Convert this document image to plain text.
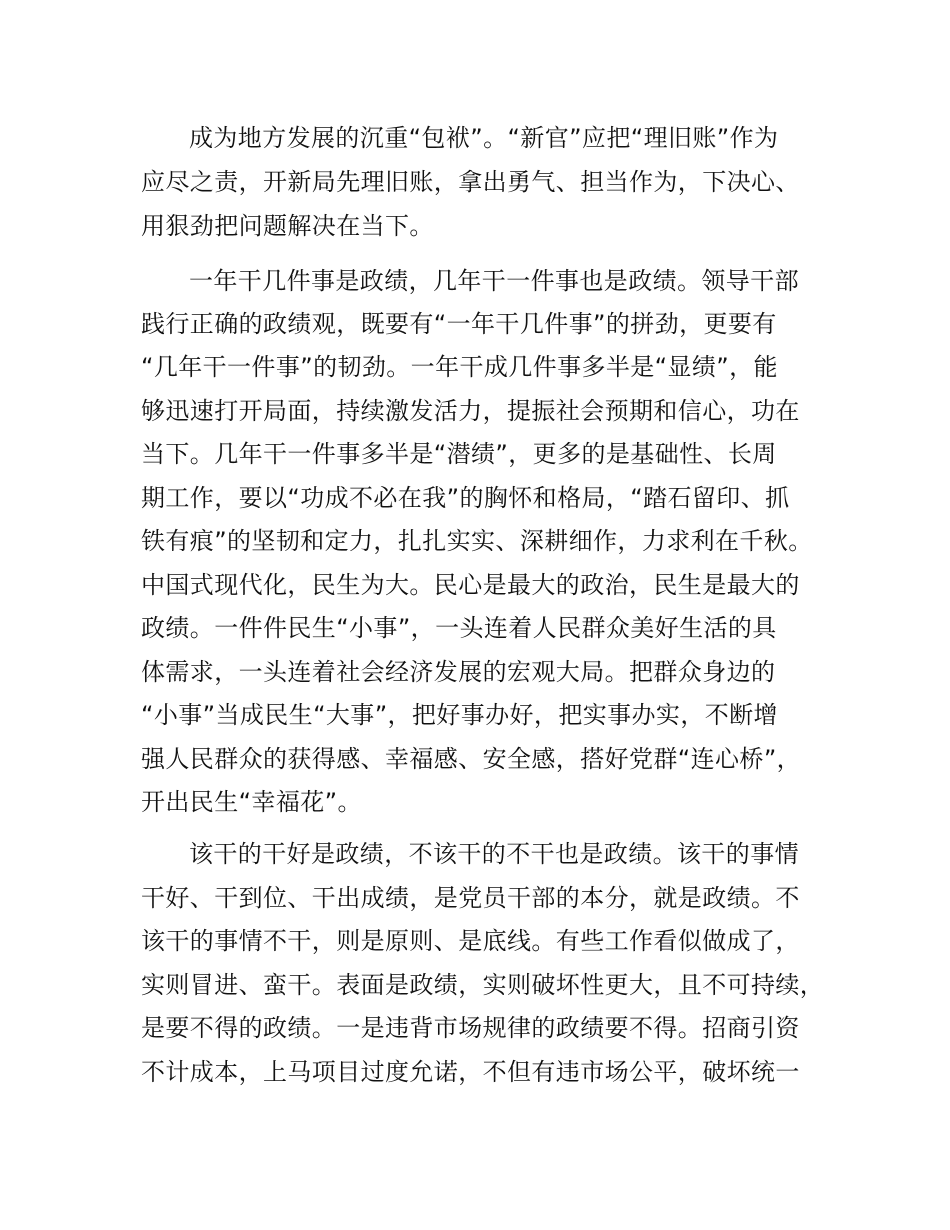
成为地方发展的沉重“包袱”。“新官”应把“理旧账”作为
应尽之责，开新局先理旧账，拿出勇气、担当作为，下决心、
用狠劲把问题解决在当下。
一年干几件事是政绩，几年干一件事也是政绩。领导干部
践行正确的政绩观，既要有“一年干几件事”的拼劲，更要有
“几年干一件事”的韧劲。一年干成几件事多半是“显绩”，能
够迅速打开局面，持续激发活力，提振社会预期和信心，功在
当下。几年干一件事多半是“潜绩”，更多的是基础性、长周
期工作，要以“功成不必在我”的胸怀和格局，“踏石留印、抓
铁有痕”的坚韧和定力，扎扎实实、深耕细作，力求利在千秋。
中国式现代化，民生为大。民心是最大的政治，民生是最大的
政绩。一件件民生“小事”，一头连着人民群众美好生活的具
体需求，一头连着社会经济发展的宏观大局。把群众身边的
“小事”当成民生“大事”，把好事办好，把实事办实，不断增
强人民群众的获得感、幸福感、安全感，搭好党群“连心桥”，
开出民生“幸福花”。
该干的干好是政绩，不该干的不干也是政绩。该干的事情
干好、干到位、干出成绩，是党员干部的本分，就是政绩。不
该干的事情不干，则是原则、是底线。有些工作看似做成了，
实则冒进、蛮干。表面是政绩，实则破坏性更大，且不可持续，
是要不得的政绩。一是违背市场规律的政绩要不得。招商引资
不计成本，上马项目过度允诺，不但有违市场公平，破坏统一
